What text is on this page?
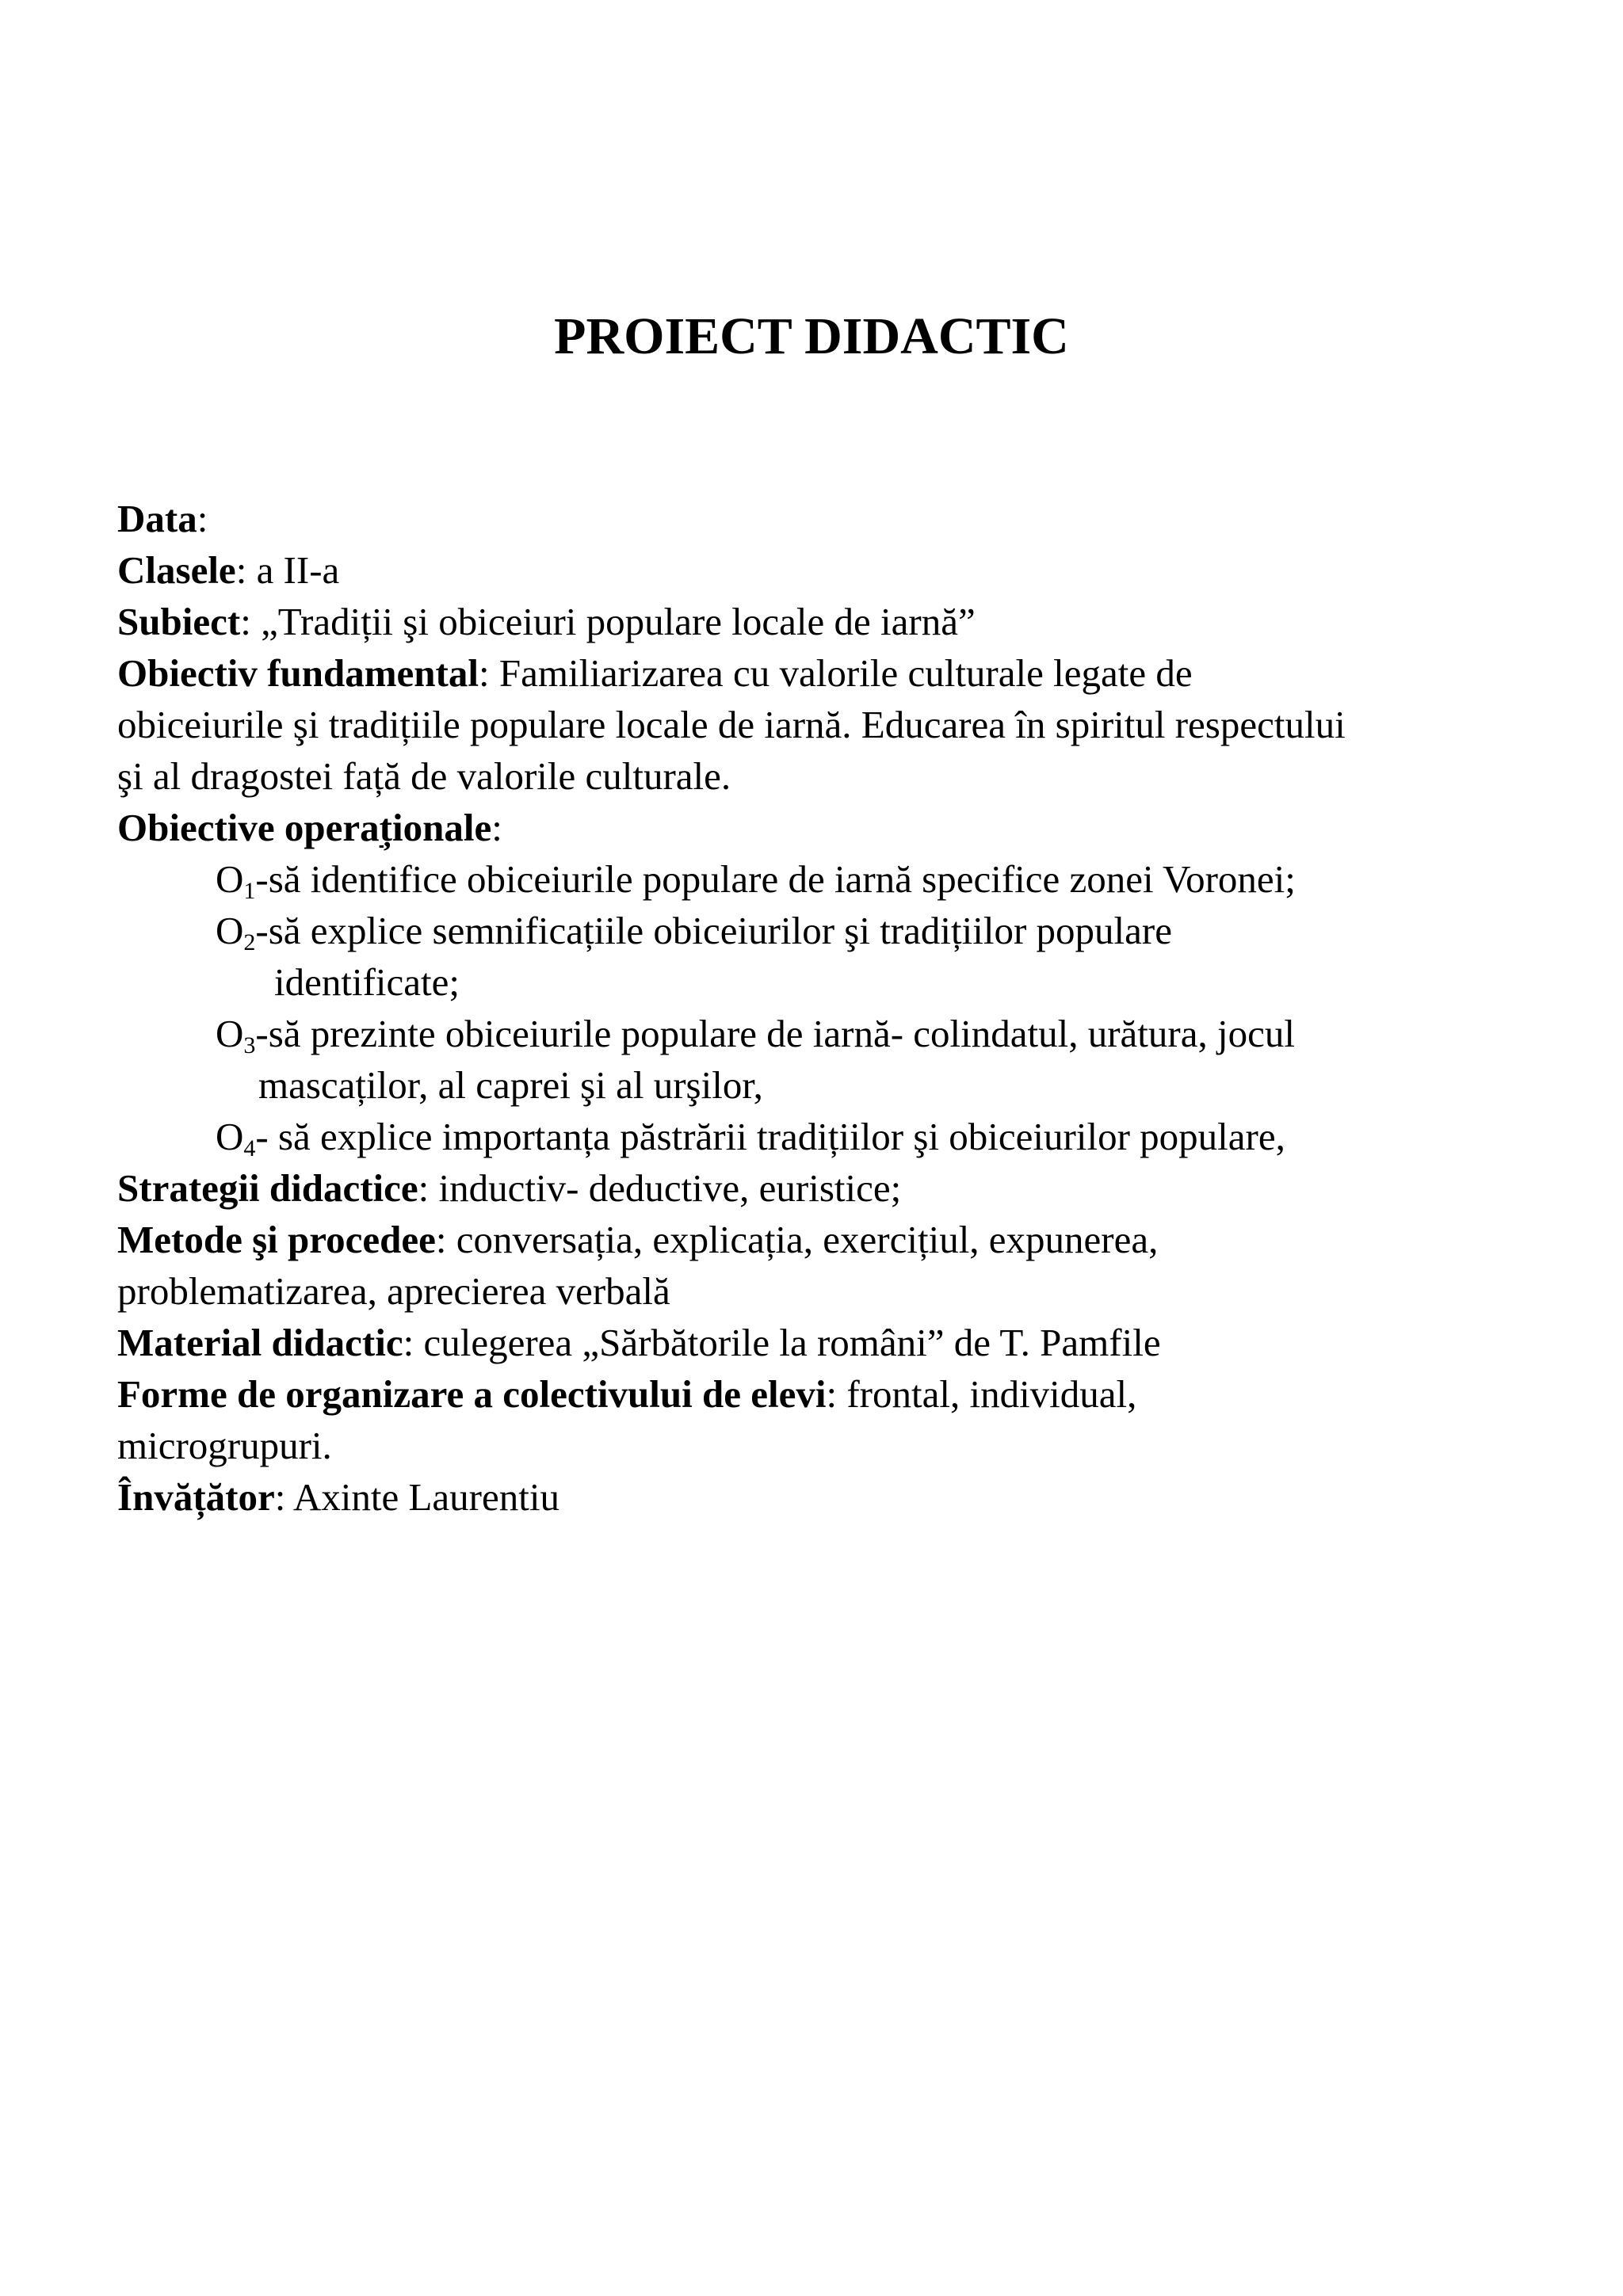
PROIECT DIDACTIC
Data:
Clasele: a II-a
Subiect: „Tradiții şi obiceiuri populare locale de iarnă”
Obiectiv fundamental: Familiarizarea cu valorile culturale legate de
obiceiurile şi tradițiile populare locale de iarnă. Educarea în spiritul respectului
şi al dragostei față de valorile culturale.
Obiective operaționale:
$O_1-să$ identifice obiceiurile populare de iarnă specifice zonei Voronei;
$O_2-să$ explice semnificațiile obiceiurilor şi tradițiilor populare
identificate;
$O_3-să$ prezinte obiceiurile populare de iarnă- colindatul, urătura, jocul
mascaților, al caprei şi al urşilor,
$O_4-$ să explice importanța păstrării tradițiilor şi obiceiurilor populare,
Strategii didactice: inductiv- deductive, euristice;
Metode şi procedee: conversația, explicația, exercițiul, expunerea,
problematizarea, aprecierea verbală
Material didactic: culegerea „Sărbătorile la români” de T. Pamfile
Forme de organizare a colectivului de elevi: frontal, individual,
microgrupuri.
Învățător: Axinte Laurentiu
